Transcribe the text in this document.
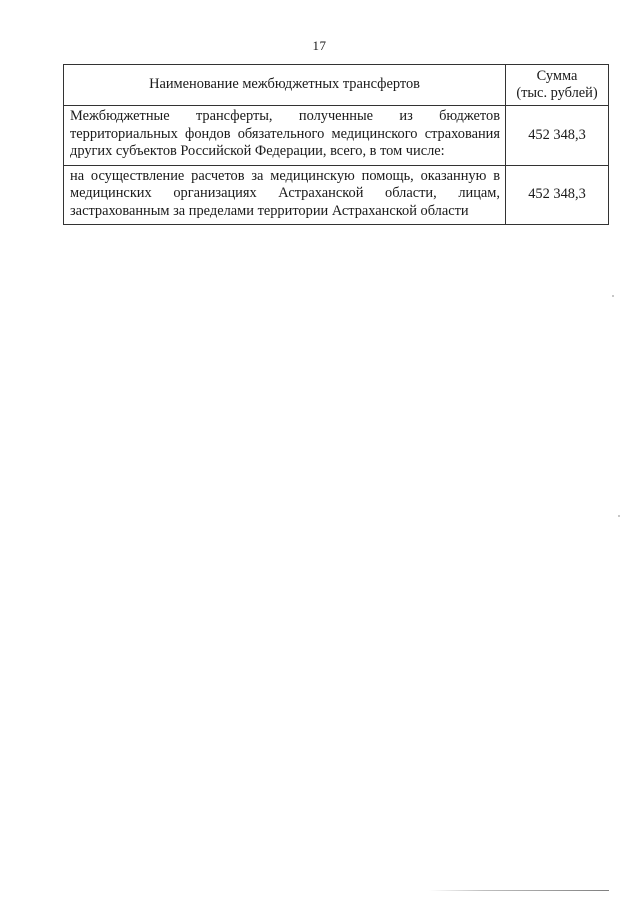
17
Наименование межбюджетных трансфертов	Сумма
(тыс. рублей)

Межбюджетные трансферты, полученные из бюджетов территориальных фондов обязательного медицинского страхования других субъектов Российской Федерации, всего, в том числе:	452 348,3
на осуществление расчетов за медицинскую помощь, оказанную в медицинских организациях Астраханской области, лицам, застрахованным за пределами территории Астраханской области	452 348,3
